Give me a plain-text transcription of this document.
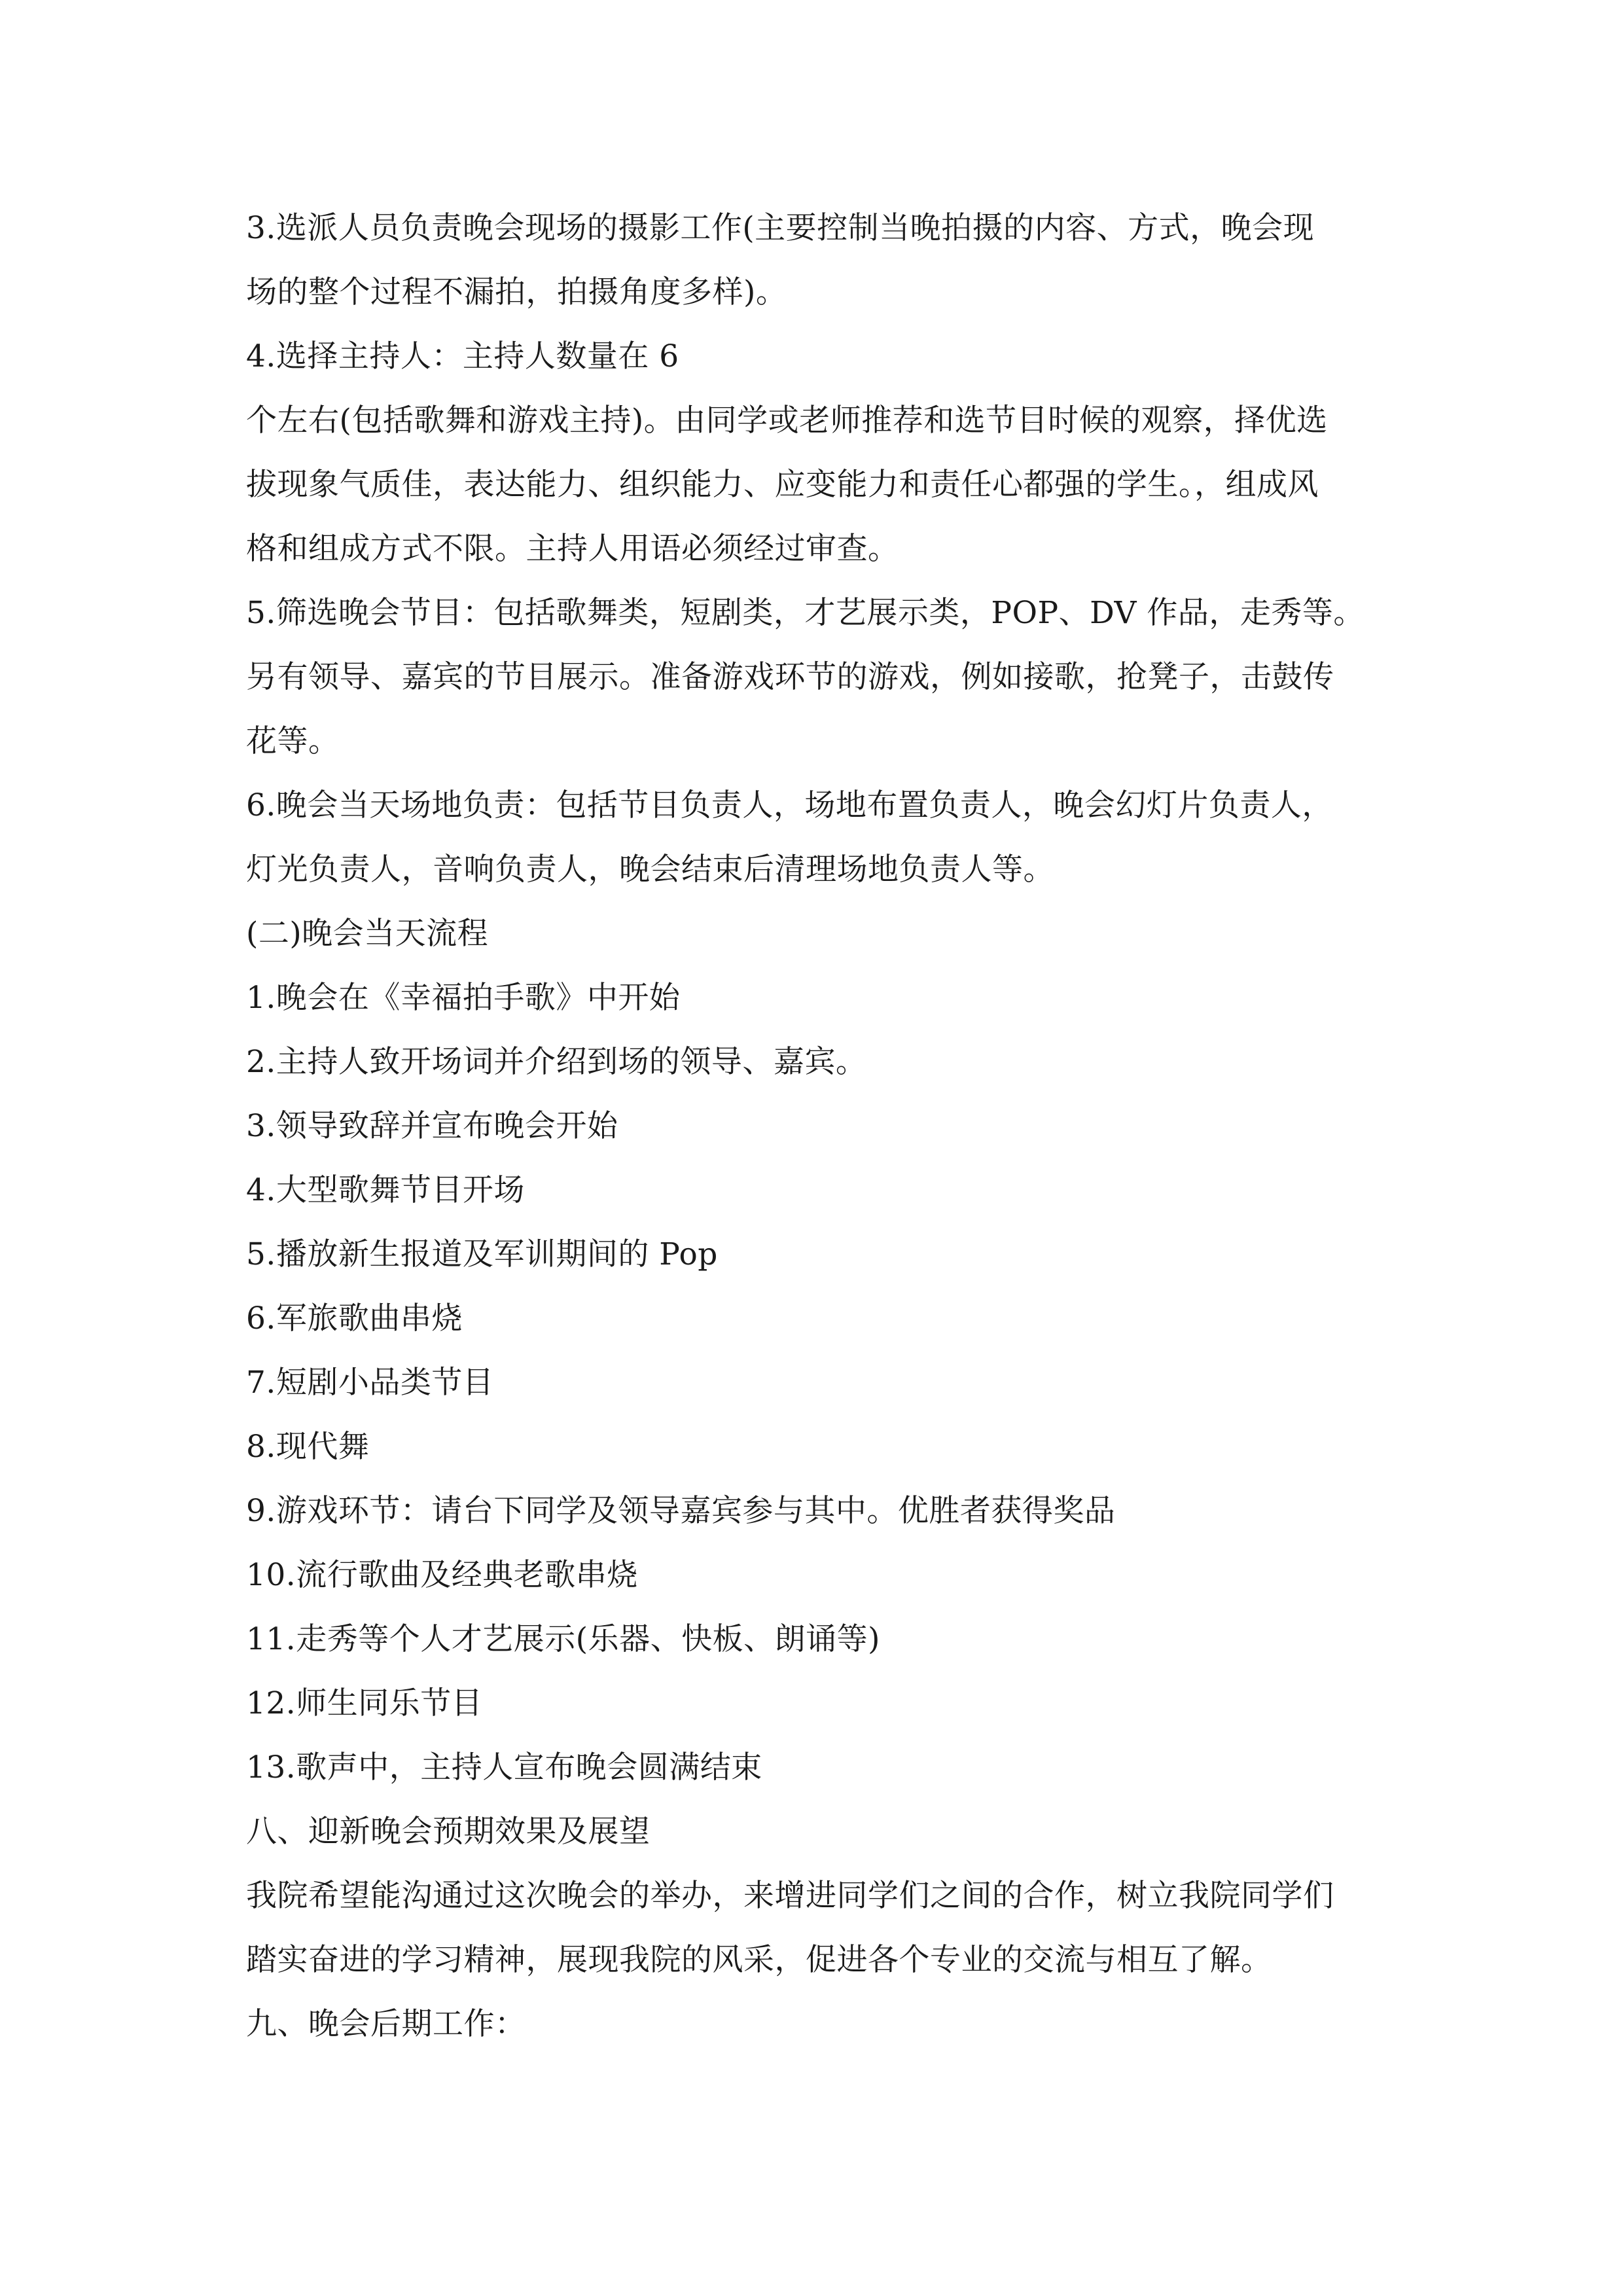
3.选派人员负责晚会现场的摄影工作(主要控制当晚拍摄的内容、方式，晚会现
场的整个过程不漏拍，拍摄角度多样)。
4.选择主持人：主持人数量在 6
个左右(包括歌舞和游戏主持)。由同学或老师推荐和选节目时候的观察，择优选
拔现象气质佳，表达能力、组织能力、应变能力和责任心都强的学生。，组成风
格和组成方式不限。主持人用语必须经过审查。
5.筛选晚会节目：包括歌舞类，短剧类，才艺展示类，POP、DV 作品，走秀等。
另有领导、嘉宾的节目展示。准备游戏环节的游戏，例如接歌，抢凳子，击鼓传
花等。
6.晚会当天场地负责：包括节目负责人，场地布置负责人，晚会幻灯片负责人，
灯光负责人，音响负责人，晚会结束后清理场地负责人等。
(二)晚会当天流程
1.晚会在《幸福拍手歌》中开始
2.主持人致开场词并介绍到场的领导、嘉宾。
3.领导致辞并宣布晚会开始
4.大型歌舞节目开场
5.播放新生报道及军训期间的 Pop
6.军旅歌曲串烧
7.短剧小品类节目
8.现代舞
9.游戏环节：请台下同学及领导嘉宾参与其中。优胜者获得奖品
10.流行歌曲及经典老歌串烧
11.走秀等个人才艺展示(乐器、快板、朗诵等)
12.师生同乐节目
13.歌声中，主持人宣布晚会圆满结束
八、迎新晚会预期效果及展望
我院希望能沟通过这次晚会的举办，来增进同学们之间的合作，树立我院同学们
踏实奋进的学习精神，展现我院的风采，促进各个专业的交流与相互了解。
九、晚会后期工作：
